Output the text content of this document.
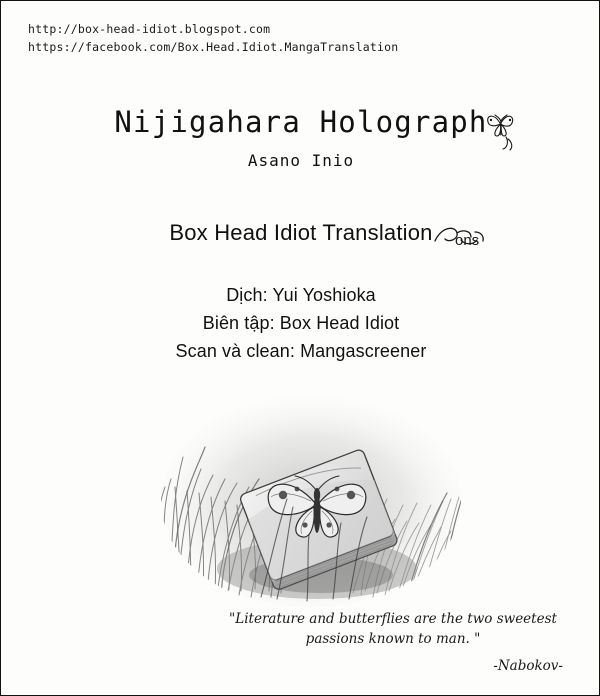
http://box-head-idiot.blogspot.com
https://facebook.com/Box.Head.Idiot.MangaTranslation
Nijigahara Holograph
Asano Inio
Box Head Idiot Translation	ons
Dịch: Yui Yoshioka
Biên tập: Box Head Idiot
Scan và clean: Mangascreener
"Literature and butterflies are the two sweetest passions known to man. "
-Nabokov-
